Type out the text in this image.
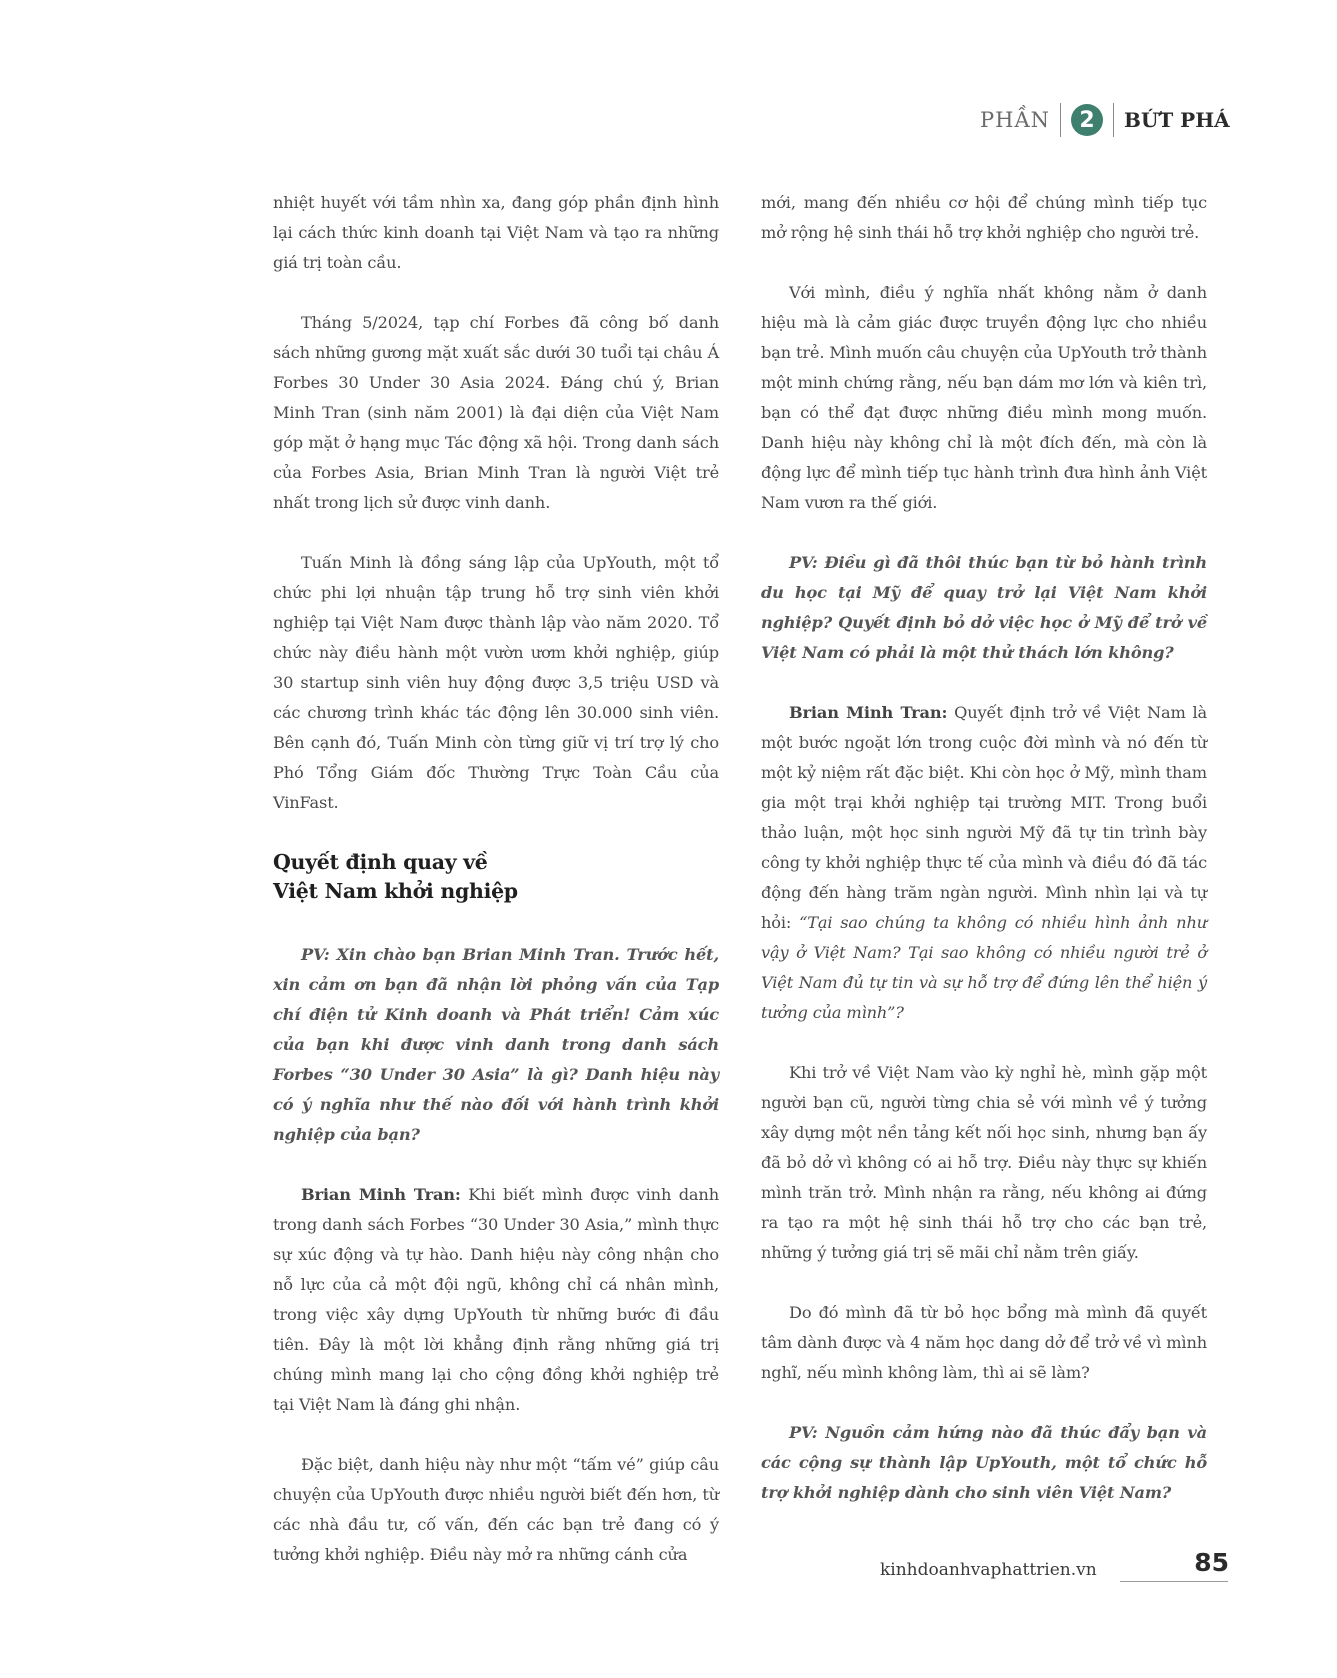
PHẦN	2	BỨT PHÁ

nhiệt huyết với tầm nhìn xa, đang góp phần định hình lại cách thức kinh doanh tại Việt Nam và tạo ra những giá trị toàn cầu.

Tháng 5/2024, tạp chí Forbes đã công bố danh sách những gương mặt xuất sắc dưới 30 tuổi tại châu Á Forbes 30 Under 30 Asia 2024. Đáng chú ý, Brian Minh Tran (sinh năm 2001) là đại diện của Việt Nam góp mặt ở hạng mục Tác động xã hội. Trong danh sách của Forbes Asia, Brian Minh Tran là người Việt trẻ nhất trong lịch sử được vinh danh.

Tuấn Minh là đồng sáng lập của UpYouth, một tổ chức phi lợi nhuận tập trung hỗ trợ sinh viên khởi nghiệp tại Việt Nam được thành lập vào năm 2020. Tổ chức này điều hành một vườn ươm khởi nghiệp, giúp 30 startup sinh viên huy động được 3,5 triệu USD và các chương trình khác tác động lên 30.000 sinh viên. Bên cạnh đó, Tuấn Minh còn từng giữ vị trí trợ lý cho Phó Tổng Giám đốc Thường Trực Toàn Cầu của VinFast.

Quyết định quay về
Việt Nam khởi nghiệp

PV: Xin chào bạn Brian Minh Tran. Trước hết, xin cảm ơn bạn đã nhận lời phỏng vấn của Tạp chí điện tử Kinh doanh và Phát triển! Cảm xúc của bạn khi được vinh danh trong danh sách Forbes “30 Under 30 Asia” là gì? Danh hiệu này có ý nghĩa như thế nào đối với hành trình khởi nghiệp của bạn?

Brian Minh Tran: Khi biết mình được vinh danh trong danh sách Forbes “30 Under 30 Asia,” mình thực sự xúc động và tự hào. Danh hiệu này công nhận cho nỗ lực của cả một đội ngũ, không chỉ cá nhân mình, trong việc xây dựng UpYouth từ những bước đi đầu tiên. Đây là một lời khẳng định rằng những giá trị chúng mình mang lại cho cộng đồng khởi nghiệp trẻ tại Việt Nam là đáng ghi nhận.

Đặc biệt, danh hiệu này như một “tấm vé” giúp câu chuyện của UpYouth được nhiều người biết đến hơn, từ các nhà đầu tư, cố vấn, đến các bạn trẻ đang có ý tưởng khởi nghiệp. Điều này mở ra những cánh cửa

mới, mang đến nhiều cơ hội để chúng mình tiếp tục mở rộng hệ sinh thái hỗ trợ khởi nghiệp cho người trẻ.

Với mình, điều ý nghĩa nhất không nằm ở danh hiệu mà là cảm giác được truyền động lực cho nhiều bạn trẻ. Mình muốn câu chuyện của UpYouth trở thành một minh chứng rằng, nếu bạn dám mơ lớn và kiên trì, bạn có thể đạt được những điều mình mong muốn. Danh hiệu này không chỉ là một đích đến, mà còn là động lực để mình tiếp tục hành trình đưa hình ảnh Việt Nam vươn ra thế giới.

PV: Điều gì đã thôi thúc bạn từ bỏ hành trình du học tại Mỹ để quay trở lại Việt Nam khởi nghiệp? Quyết định bỏ dở việc học ở Mỹ để trở về Việt Nam có phải là một thử thách lớn không?

Brian Minh Tran: Quyết định trở về Việt Nam là một bước ngoặt lớn trong cuộc đời mình và nó đến từ một kỷ niệm rất đặc biệt. Khi còn học ở Mỹ, mình tham gia một trại khởi nghiệp tại trường MIT. Trong buổi thảo luận, một học sinh người Mỹ đã tự tin trình bày công ty khởi nghiệp thực tế của mình và điều đó đã tác động đến hàng trăm ngàn người. Mình nhìn lại và tự hỏi: “Tại sao chúng ta không có nhiều hình ảnh như vậy ở Việt Nam? Tại sao không có nhiều người trẻ ở Việt Nam đủ tự tin và sự hỗ trợ để đứng lên thể hiện ý tưởng của mình”?

Khi trở về Việt Nam vào kỳ nghỉ hè, mình gặp một người bạn cũ, người từng chia sẻ với mình về ý tưởng xây dựng một nền tảng kết nối học sinh, nhưng bạn ấy đã bỏ dở vì không có ai hỗ trợ. Điều này thực sự khiến mình trăn trở. Mình nhận ra rằng, nếu không ai đứng ra tạo ra một hệ sinh thái hỗ trợ cho các bạn trẻ, những ý tưởng giá trị sẽ mãi chỉ nằm trên giấy.

Do đó mình đã từ bỏ học bổng mà mình đã quyết tâm dành được và 4 năm học dang dở để trở về vì mình nghĩ, nếu mình không làm, thì ai sẽ làm?

PV: Nguồn cảm hứng nào đã thúc đẩy bạn và các cộng sự thành lập UpYouth, một tổ chức hỗ trợ khởi nghiệp dành cho sinh viên Việt Nam?

kinhdoanhvaphattrien.vn	85
